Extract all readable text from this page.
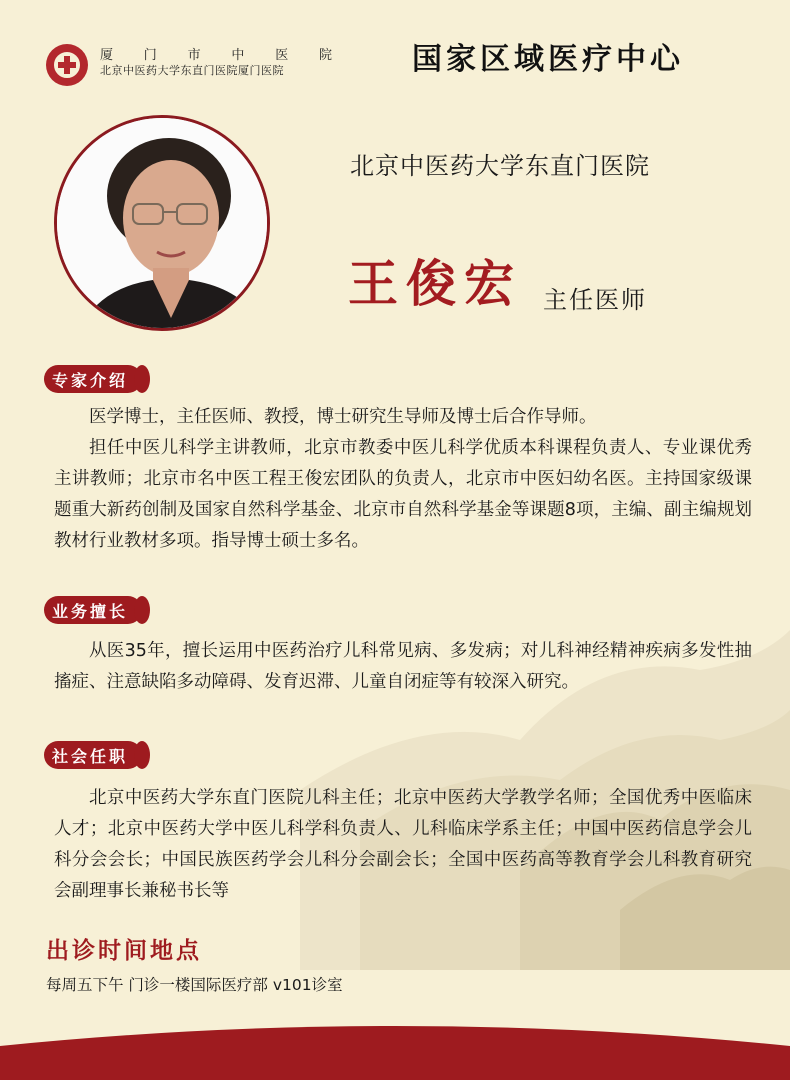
厦 门 市 中 医 院
北京中医药大学东直门医院厦门医院	国家区域医疗中心
北京中医药大学东直门医院
王俊宏 主任医师
专家介绍

医学博士，主任医师、教授，博士研究生导师及博士后合作导师。

担任中医儿科学主讲教师，北京市教委中医儿科学优质本科课程负责人、专业课优秀主讲教师；北京市名中医工程王俊宏团队的负责人，北京市中医妇幼名医。主持国家级课题重大新药创制及国家自然科学基金、北京市自然科学基金等课题8项，主编、副主编规划教材行业教材多项。指导博士硕士多名。

业务擅长

从医35年，擅长运用中医药治疗儿科常见病、多发病；对儿科神经精神疾病多发性抽搐症、注意缺陷多动障碍、发育迟滞、儿童自闭症等有较深入研究。

社会任职

北京中医药大学东直门医院儿科主任；北京中医药大学教学名师；全国优秀中医临床人才；北京中医药大学中医儿科学科负责人、儿科临床学系主任；中国中医药信息学会儿科分会会长；中国民族医药学会儿科分会副会长；全国中医药高等教育学会儿科教育研究会副理事长兼秘书长等

出诊时间地点
每周五下午 门诊一楼国际医疗部 v101诊室
